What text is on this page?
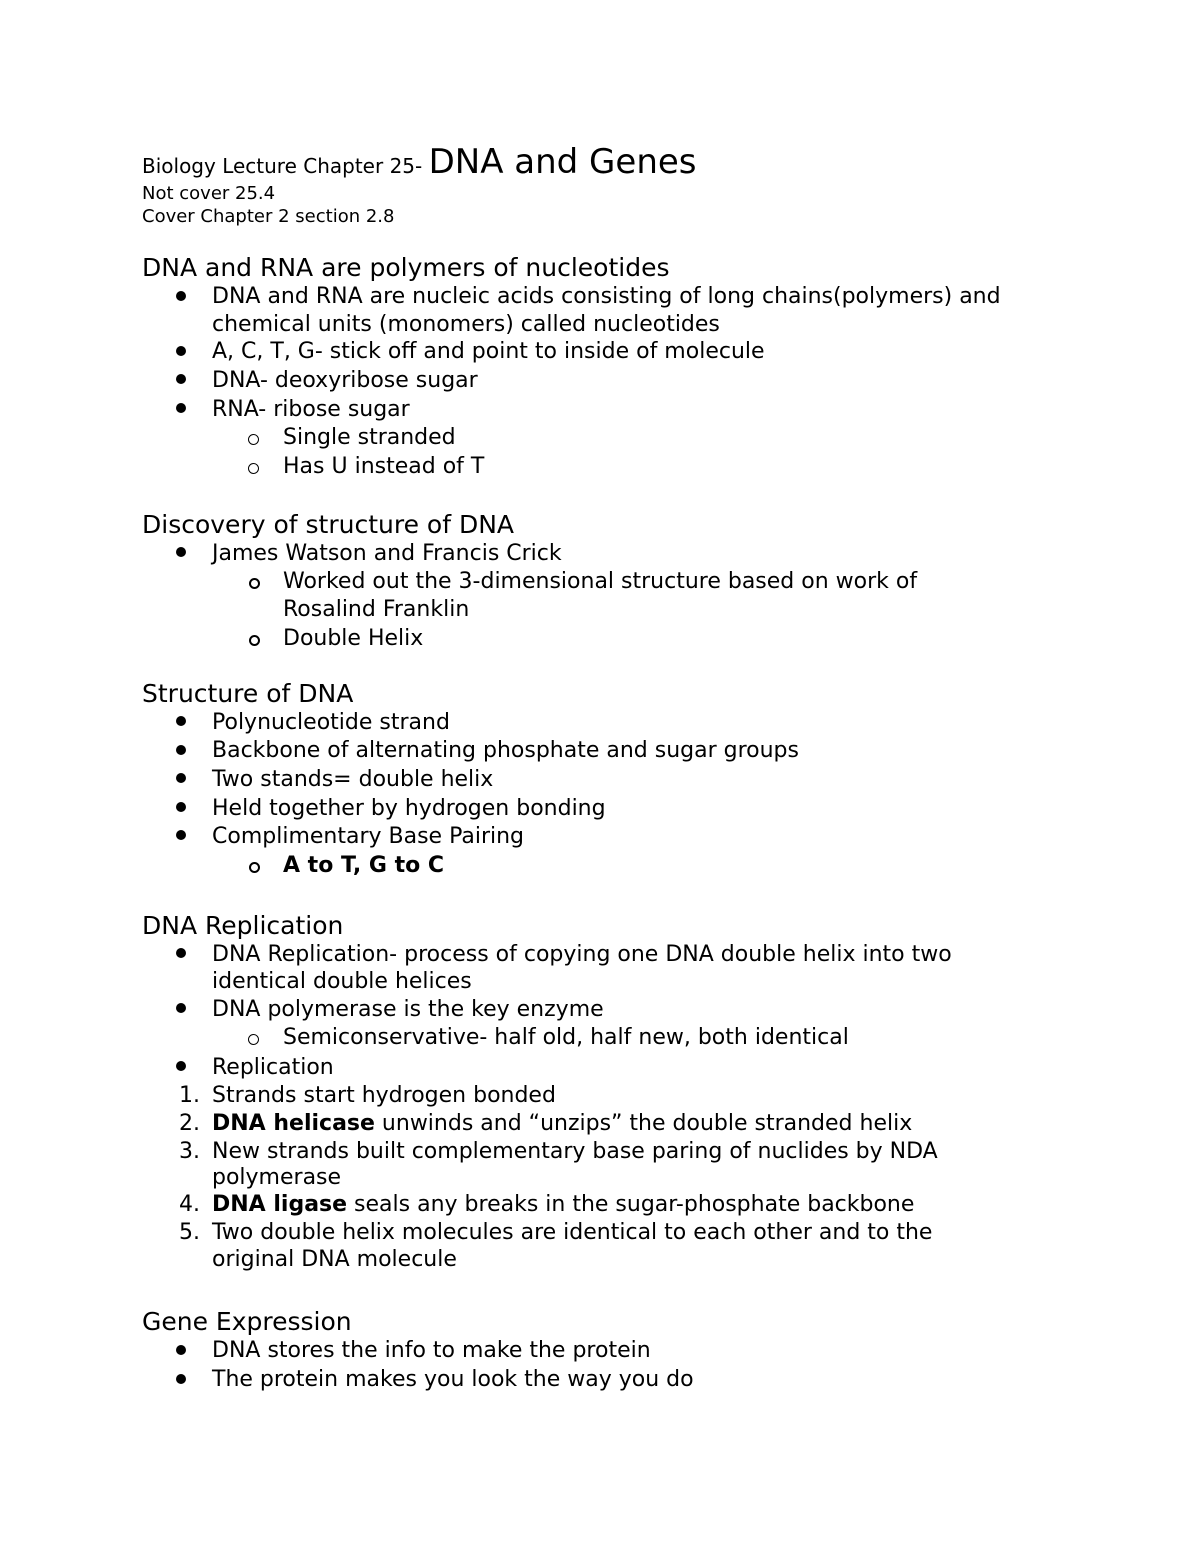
Biology Lecture Chapter 25- DNA and Genes
Not cover 25.4
Cover Chapter 2 section 2.8
DNA and RNA are polymers of nucleotides
DNA and RNA are nucleic acids consisting of long chains(polymers) and
chemical units (monomers) called nucleotides
A, C, T, G- stick off and point to inside of molecule
DNA- deoxyribose sugar
RNA- ribose sugar
Single stranded
Has U instead of T
Discovery of structure of DNA
James Watson and Francis Crick
Worked out the 3-dimensional structure based on work of
Rosalind Franklin
Double Helix
Structure of DNA
Polynucleotide strand
Backbone of alternating phosphate and sugar groups
Two stands= double helix
Held together by hydrogen bonding
Complimentary Base Pairing
A to T, G to C
DNA Replication
DNA Replication- process of copying one DNA double helix into two
identical double helices
DNA polymerase is the key enzyme
Semiconservative- half old, half new, both identical
Replication
1. Strands start hydrogen bonded
2. DNA helicase unwinds and “unzips” the double stranded helix
3. New strands built complementary base paring of nuclides by NDA
polymerase
4. DNA ligase seals any breaks in the sugar-phosphate backbone
5. Two double helix molecules are identical to each other and to the
original DNA molecule
Gene Expression
DNA stores the info to make the protein
The protein makes you look the way you do
